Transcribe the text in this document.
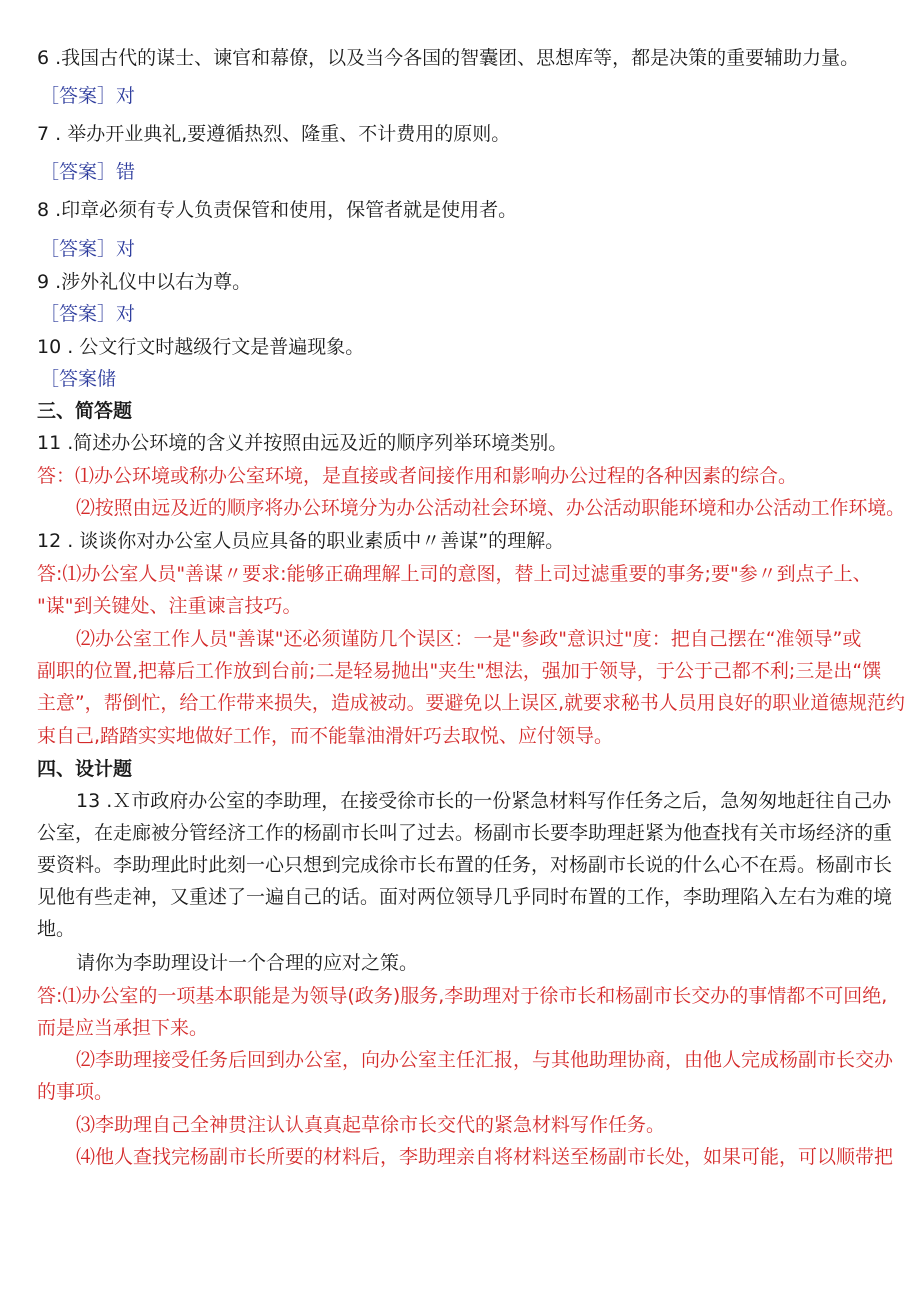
6 .我国古代的谋士、谏官和幕僚，以及当今各国的智囊团、思想库等，都是决策的重要辅助力量。
［答案］对
7 . 举办开业典礼,要遵循热烈、隆重、不计费用的原则。
［答案］错
8 .印章必须有专人负责保管和使用，保管者就是使用者。
［答案］对
9 .涉外礼仪中以右为尊。
［答案］对
10 . 公文行文时越级行文是普遍现象。
［答案储
三、简答题
11 .简述办公环境的含义并按照由远及近的顺序列举环境类别。
答：⑴办公环境或称办公室环境，是直接或者间接作用和影响办公过程的各种因素的综合。
⑵按照由远及近的顺序将办公环境分为办公活动社会环境、办公活动职能环境和办公活动工作环境。
12 . 谈谈你对办公室人员应具备的职业素质中〃善谋”的理解。
答:⑴办公室人员"善谋〃要求:能够正确理解上司的意图，替上司过滤重要的事务;要"参〃到点子上、
"谋"到关键处、注重谏言技巧。
⑵办公室工作人员"善谋"还必须谨防几个误区：一是"参政"意识过"度：把自己摆在“准领导”或
副职的位置,把幕后工作放到台前;二是轻易抛出"夹生"想法，强加于领导，于公于己都不利;三是出“馔
主意”，帮倒忙，给工作带来损失，造成被动。要避免以上误区,就要求秘书人员用良好的职业道德规范约
束自己,踏踏实实地做好工作，而不能靠油滑奸巧去取悦、应付领导。
四、设计题
13 .Ｘ市政府办公室的李助理，在接受徐市长的一份紧急材料写作任务之后，急匆匆地赶往自己办
公室，在走廊被分管经济工作的杨副市长叫了过去。杨副市长要李助理赶紧为他查找有关市场经济的重
要资料。李助理此时此刻一心只想到完成徐市长布置的任务，对杨副市长说的什么心不在焉。杨副市长
见他有些走神，又重述了一遍自己的话。面对两位领导几乎同时布置的工作，李助理陷入左右为难的境
地。
请你为李助理设计一个合理的应对之策。
答:⑴办公室的一项基本职能是为领导(政务)服务,李助理对于徐市长和杨副市长交办的事情都不可回绝,
而是应当承担下来。
⑵李助理接受任务后回到办公室，向办公室主任汇报，与其他助理协商，由他人完成杨副市长交办
的事项。
⑶李助理自己全神贯注认认真真起草徐市长交代的紧急材料写作任务。
⑷他人查找完杨副市长所要的材料后，李助理亲自将材料送至杨副市长处，如果可能，可以顺带把
